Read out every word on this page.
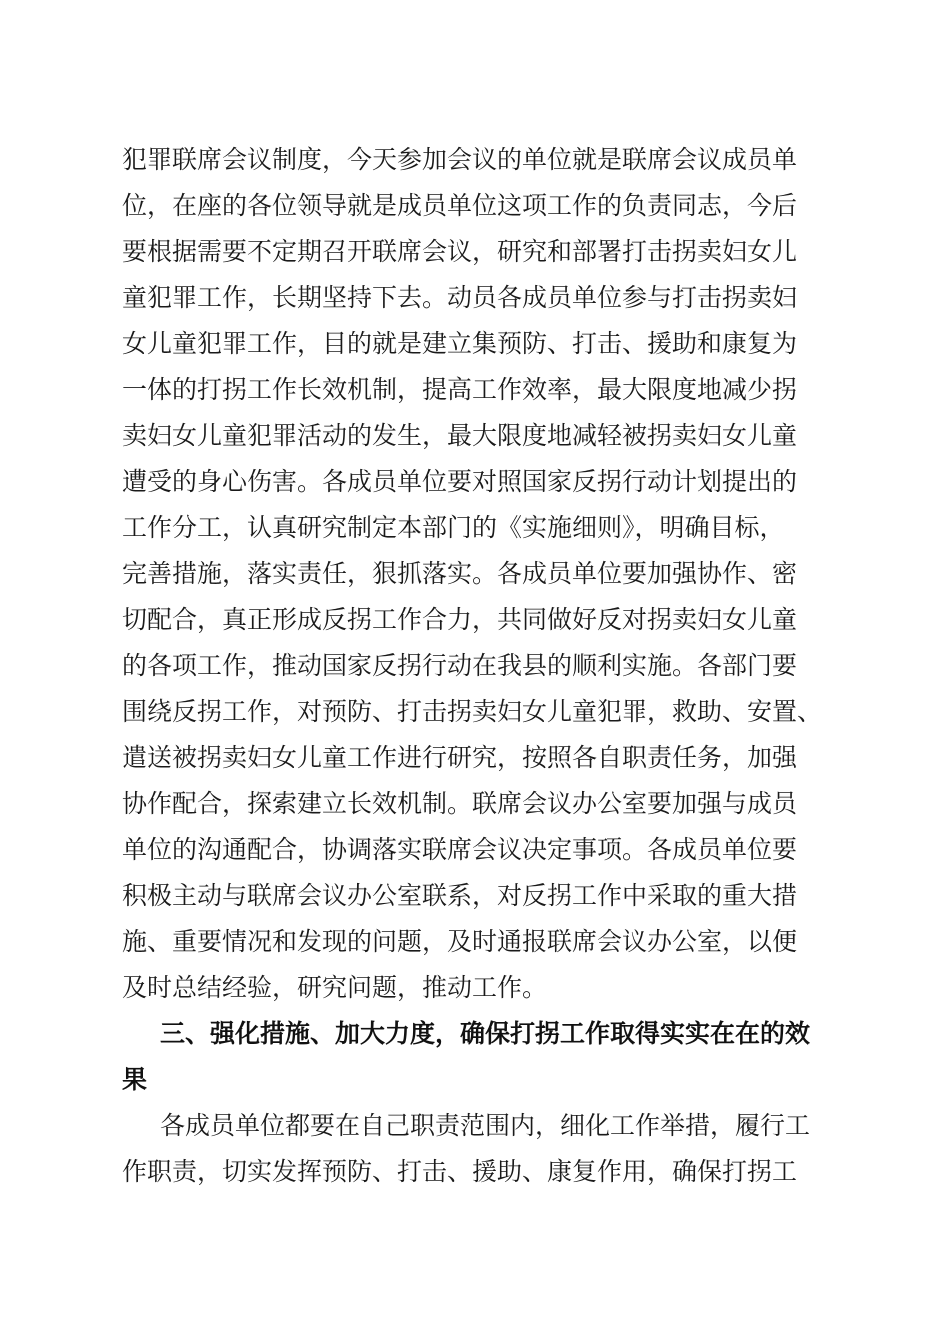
犯罪联席会议制度，今天参加会议的单位就是联席会议成员单
位，在座的各位领导就是成员单位这项工作的负责同志，今后
要根据需要不定期召开联席会议，研究和部署打击拐卖妇女儿
童犯罪工作，长期坚持下去。动员各成员单位参与打击拐卖妇
女儿童犯罪工作，目的就是建立集预防、打击、援助和康复为
一体的打拐工作长效机制，提高工作效率，最大限度地减少拐
卖妇女儿童犯罪活动的发生，最大限度地减轻被拐卖妇女儿童
遭受的身心伤害。各成员单位要对照国家反拐行动计划提出的
工作分工，认真研究制定本部门的《实施细则》，明确目标，
完善措施，落实责任，狠抓落实。各成员单位要加强协作、密
切配合，真正形成反拐工作合力，共同做好反对拐卖妇女儿童
的各项工作，推动国家反拐行动在我县的顺利实施。各部门要
围绕反拐工作，对预防、打击拐卖妇女儿童犯罪，救助、安置、
遣送被拐卖妇女儿童工作进行研究，按照各自职责任务，加强
协作配合，探索建立长效机制。联席会议办公室要加强与成员
单位的沟通配合，协调落实联席会议决定事项。各成员单位要
积极主动与联席会议办公室联系，对反拐工作中采取的重大措
施、重要情况和发现的问题，及时通报联席会议办公室，以便
及时总结经验，研究问题，推动工作。
三、强化措施、加大力度，确保打拐工作取得实实在在的效
果
各成员单位都要在自己职责范围内，细化工作举措，履行工
作职责，切实发挥预防、打击、援助、康复作用，确保打拐工
